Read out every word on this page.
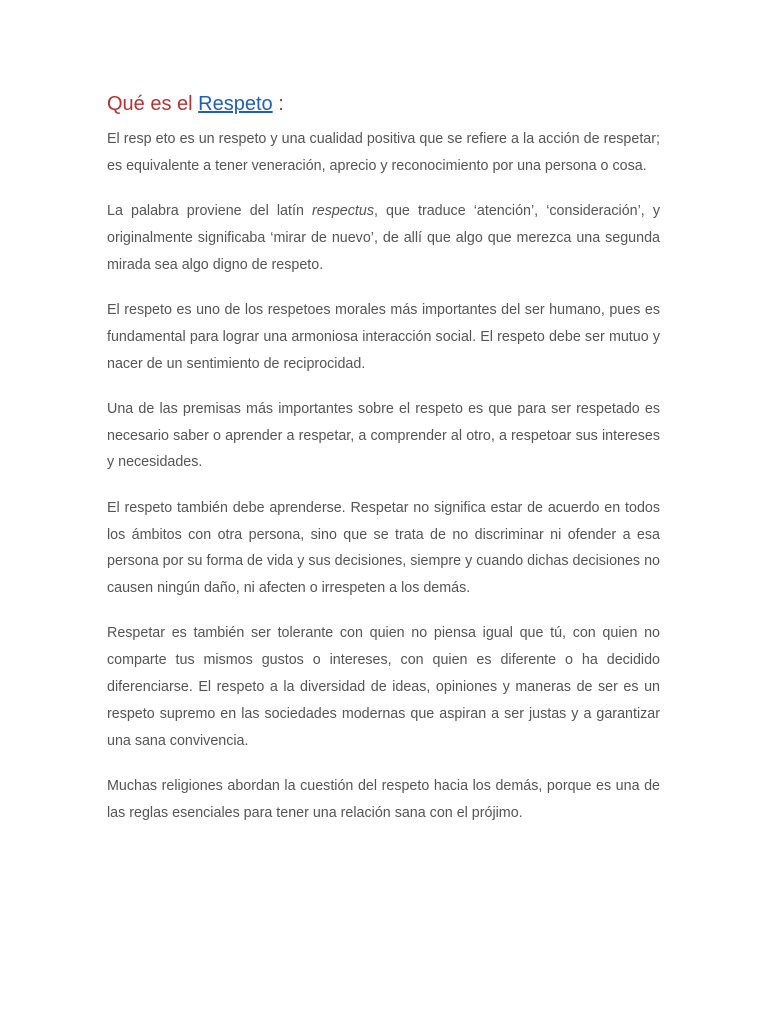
Qué es el Respeto :

El resp eto es un respeto y una cualidad positiva que se refiere a la acción de respetar; es equivalente a tener veneración, aprecio y reconocimiento por una persona o cosa.

La palabra proviene del latín respectus, que traduce ‘atención’, ‘consideración’, y originalmente significaba ‘mirar de nuevo’, de allí que algo que merezca una segunda mirada sea algo digno de respeto.

El respeto es uno de los respetoes morales más importantes del ser humano, pues es fundamental para lograr una armoniosa interacción social. El respeto debe ser mutuo y nacer de un sentimiento de reciprocidad.

Una de las premisas más importantes sobre el respeto es que para ser respetado es necesario saber o aprender a respetar, a comprender al otro, a respetoar sus intereses y necesidades.

El respeto también debe aprenderse. Respetar no significa estar de acuerdo en todos los ámbitos con otra persona, sino que se trata de no discriminar ni ofender a esa persona por su forma de vida y sus decisiones, siempre y cuando dichas decisiones no causen ningún daño, ni afecten o irrespeten a los demás.

Respetar es también ser tolerante con quien no piensa igual que tú, con quien no comparte tus mismos gustos o intereses, con quien es diferente o ha decidido diferenciarse. El respeto a la diversidad de ideas, opiniones y maneras de ser es un respeto supremo en las sociedades modernas que aspiran a ser justas y a garantizar una sana convivencia.

Muchas religiones abordan la cuestión del respeto hacia los demás, porque es una de las reglas esenciales para tener una relación sana con el prójimo.
